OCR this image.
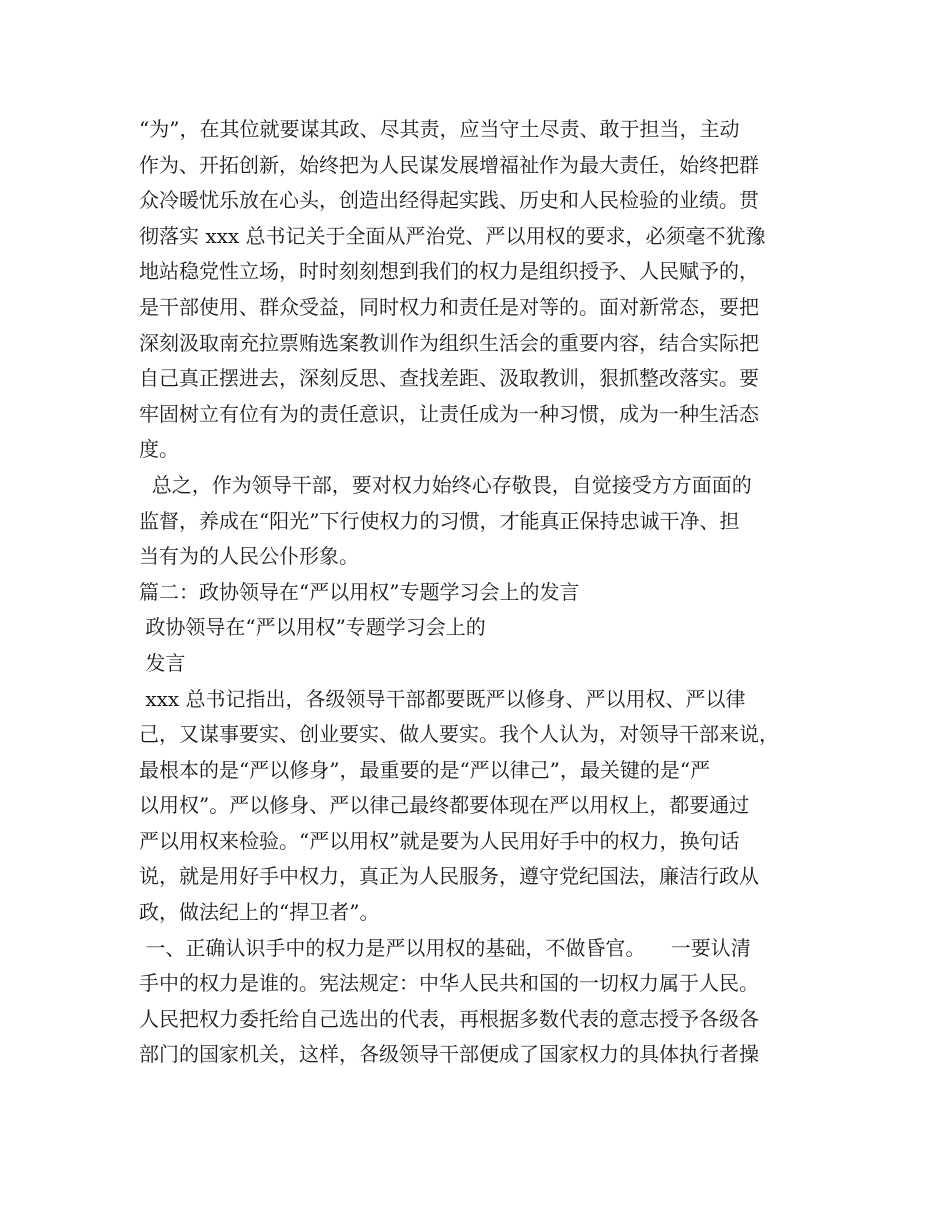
“为”，在其位就要谋其政、尽其责，应当守土尽责、敢于担当，主动
作为、开拓创新，始终把为人民谋发展增福祉作为最大责任，始终把群
众冷暖忧乐放在心头，创造出经得起实践、历史和人民检验的业绩。贯
彻落实 xxx 总书记关于全面从严治党、严以用权的要求，必须毫不犹豫
地站稳党性立场，时时刻刻想到我们的权力是组织授予、人民赋予的，
是干部使用、群众受益，同时权力和责任是对等的。面对新常态，要把
深刻汲取南充拉票贿选案教训作为组织生活会的重要内容，结合实际把
自己真正摆进去，深刻反思、查找差距、汲取教训，狠抓整改落实。要
牢固树立有位有为的责任意识，让责任成为一种习惯，成为一种生活态
度。
总之，作为领导干部，要对权力始终心存敬畏，自觉接受方方面面的
监督，养成在“阳光”下行使权力的习惯，才能真正保持忠诚干净、担
当有为的人民公仆形象。
篇二：政协领导在“严以用权”专题学习会上的发言
政协领导在“严以用权”专题学习会上的
发言
xxx 总书记指出，各级领导干部都要既严以修身、严以用权、严以律
己，又谋事要实、创业要实、做人要实。我个人认为，对领导干部来说，
最根本的是“严以修身”，最重要的是“严以律己”，最关键的是“严
以用权”。严以修身、严以律己最终都要体现在严以用权上，都要通过
严以用权来检验。“严以用权”就是要为人民用好手中的权力，换句话
说，就是用好手中权力，真正为人民服务，遵守党纪国法，廉洁行政从
政，做法纪上的“捍卫者”。
一、正确认识手中的权力是严以用权的基础，不做昏官。    一要认清
手中的权力是谁的。宪法规定：中华人民共和国的一切权力属于人民。
人民把权力委托给自己选出的代表，再根据多数代表的意志授予各级各
部门的国家机关，这样，各级领导干部便成了国家权力的具体执行者操
